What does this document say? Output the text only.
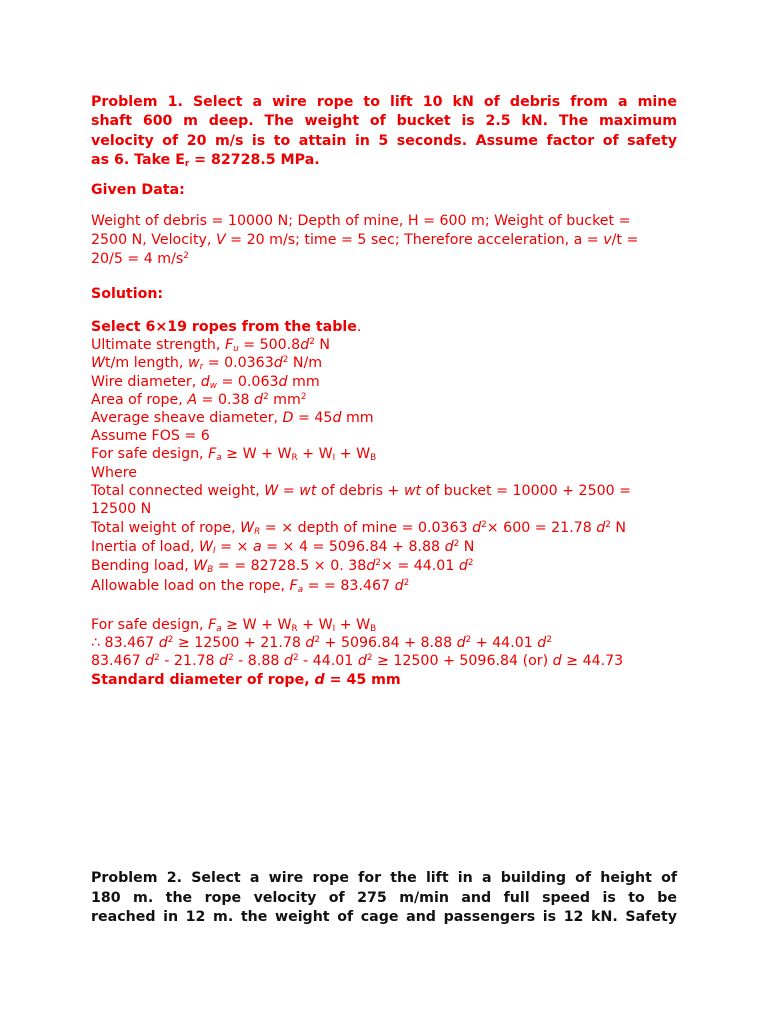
Problem 1. Select a wire rope to lift 10 kN of debris from a mine
shaft 600 m deep. The weight of bucket is 2.5 kN. The maximum
velocity of 20 m/s is to attain in 5 seconds. Assume factor of safety
as 6. Take $E_r = 82728.5$ MPa.
Given Data:
Weight of debris = 10000 N; Depth of mine, H = 600 m; Weight of bucket =
2500 N, Velocity, V = 20 m/s; time = 5 sec; Therefore acceleration, a = v/t =
20/5 = 4 $m/s^2$
Solution:
Select 6×19 ropes from the table.
Ultimate strength, $F_u = 500.8d^2$ N
Wt/m length, $w_r = 0.0363d^2$ N/m
Wire diameter, $d_w = 0.063d$ mm
Area of rope, A = 0.38 $d^2$ $mm^2$
Average sheave diameter, D = 45d mm
Assume FOS = 6
For safe design, $F_a \ge W + W_R + W_I + W_B$
Where
Total connected weight, W = wt of debris + wt of bucket = 10000 + 2500 =
12500 N
Total weight of rope, $W_R$ = × depth of mine = 0.0363 $d^2\times 600 = 21.78$ $d^2$ N
Inertia of load, $W_I$ = × a = × 4 = 5096.84 + 8.88 $d^2$ N
Bending load, $W_B$ = = 82728.5 × 0. $38d^2\times = 44.01$ $d^2$
Allowable load on the rope, $F_a$ = = 83.467 $d^2$
For safe design, $F_a \ge W + W_R + W_I + W_B$
∴ 83.467 $d^2 \ge 12500 + 21.78$ $d^2 + 5096.84 + 8.88$ $d^2 + 44.01$ $d^2$
83.467 $d^2 - 21.78$ $d^2 - 8.88$ $d^2 - 44.01$ $d^2 \ge 12500 + 5096.84$ (or) d ≥ 44.73
Standard diameter of rope, d = 45 mm
Problem 2. Select a wire rope for the lift in a building of height of
180 m. the rope velocity of 275 m/min and full speed is to be
reached in 12 m. the weight of cage and passengers is 12 kN. Safety
